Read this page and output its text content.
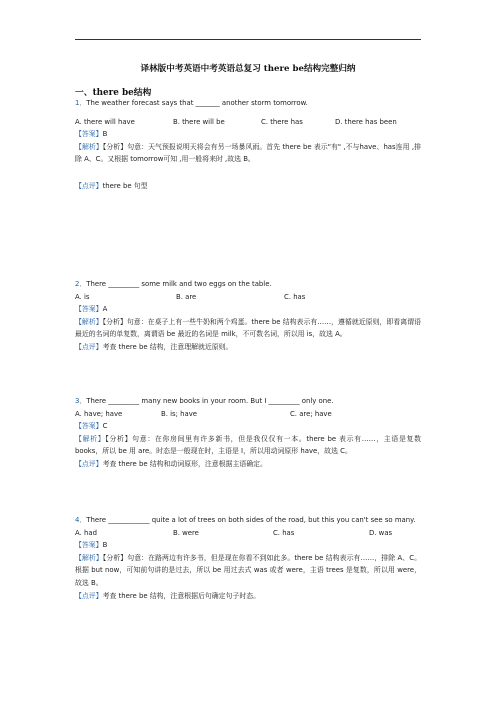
译林版中考英语中考英语总复习 there be结构完整归纳
一、there be结构
1．The weather forecast says that _______ another storm tomorrow.
A. there will have	B. there will be	C. there has	D. there has been
【答案】B
【解析】【分析】句意：天气预报说明天将会有另一场暴风雨。首先 there be 表示"有" ,不与have、has连用 ,排除 A、C。又根据 tomorrow可知 ,用一般将来时 ,故选 B。
【点评】there be 句型
2．There _________ some milk and two eggs on the table.
A. is	B. are	C. has
【答案】A
【解析】【分析】句意：在桌子上有一些牛奶和两个鸡蛋。there be 结构表示有……，遵循就近原则，即看离谓语最近的名词的单复数，离谓语 be 最近的名词是 milk，不可数名词，所以用 is，故选 A。
【点评】考查 there be 结构，注意理解就近原则。
3．There _________ many new books in your room. But I _________ only one.
A. have; have	B. is; have	C. are; have
【答案】C
【解析】【分析】句意：在你房间里有许多新书，但是我仅仅有一本。there be 表示有……，主语是复数 books，所以 be 用 are。时态是一般现在时，主语是 I，所以用动词原形 have，故选 C。
【点评】考查 there be 结构和动词原形，注意根据主语确定。
4．There ____________ quite a lot of trees on both sides of the road, but this you can't see so many.
A. had	B. were	C. has	D. was
【答案】B
【解析】【分析】句意：在路两边有许多书，但是现在你看不到如此多。there be 结构表示有……，排除 A、C。根据 but now，可知前句讲的是过去，所以 be 用过去式 was 或者 were，主语 trees 是复数，所以用 were，故选 B。
【点评】考查 there be 结构，注意根据后句确定句子时态。
